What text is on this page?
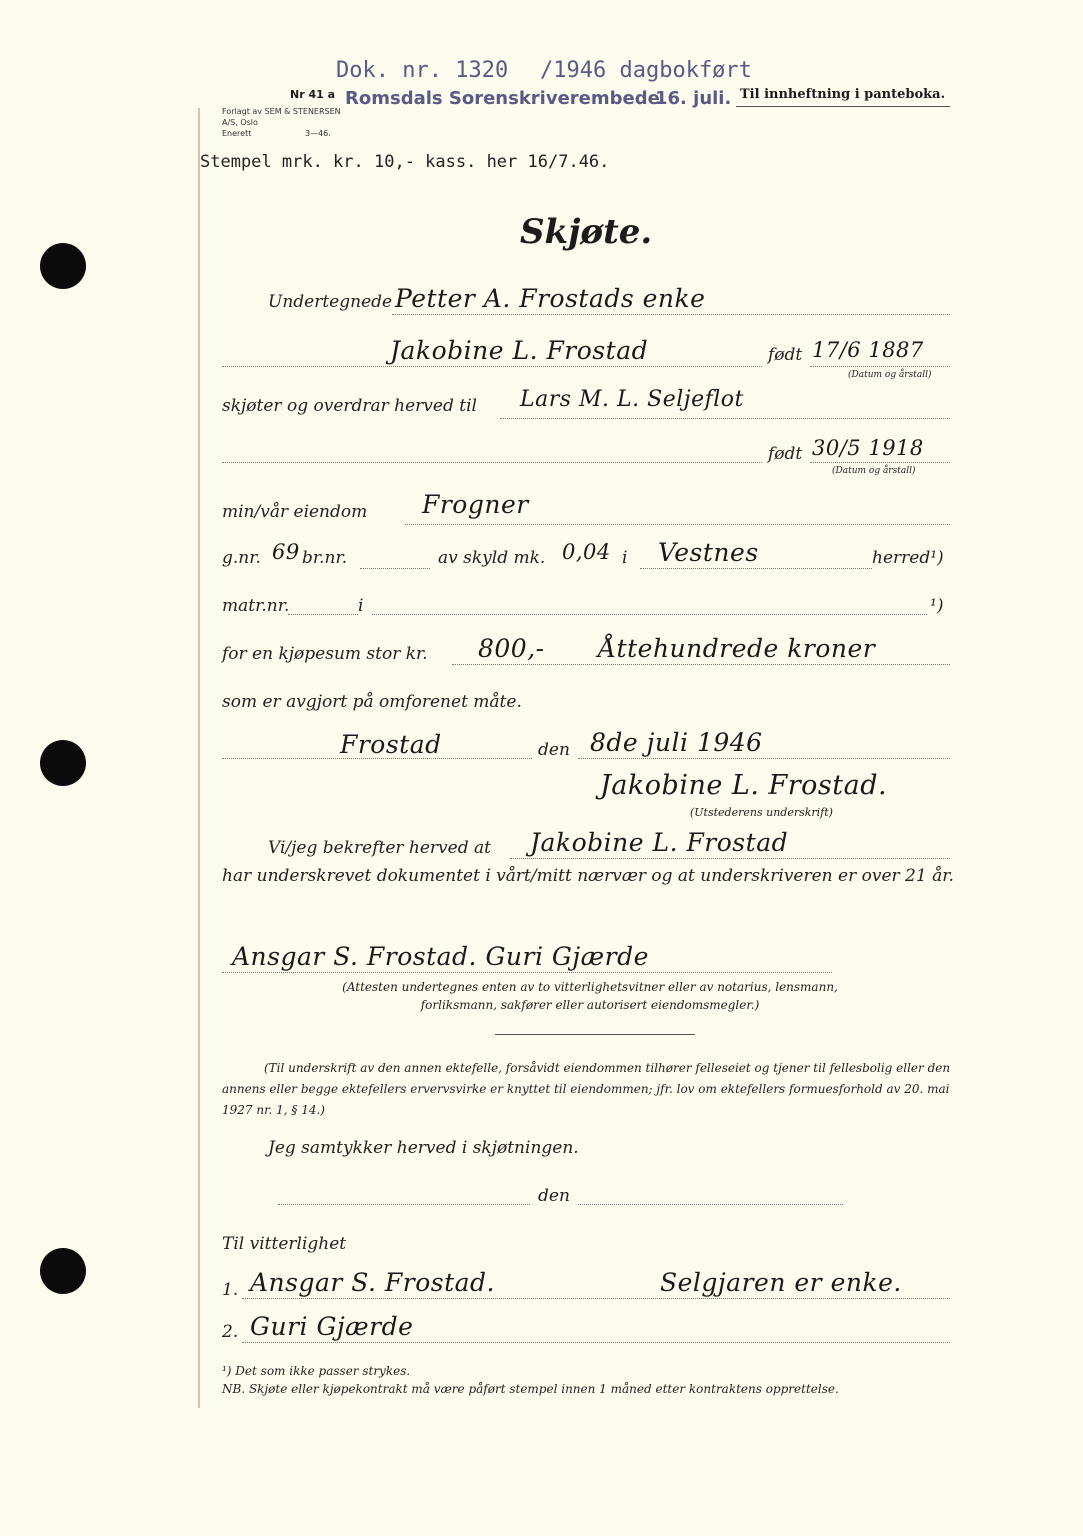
Dok. nr. 1320 /1946 dagbokført
Nr 41 a
Forlagt av SEM & STENERSEN A/S, Oslo
Enerett	3—46.
Romsdals Sorenskriverembede
16. juli. Til innheftning i panteboka.
Stempel mrk. kr. 10,- kass. her 16/7.46.
Skjøte.
Undertegnede Petter A. Frostads enke
Jakobine L. Frostad	født 17/6 1887
(Datum og årstall)
skjøter og overdrar herved til Lars M. L. Seljeflot
født 30/5 1918
(Datum og årstall)
min/vår eiendom Frogner
g.nr. 69 br.nr.	av skyld mk. 0,04 i Vestnes	herred¹)
matr.nr.	i	¹)
for en kjøpesum stor kr. 800,- Åttehundrede kroner
som er avgjort på omforenet måte.
Frostad	den 8de juli 1946
Jakobine L. Frostad.
(Utstederens underskrift)
Vi/jeg bekrefter herved at Jakobine L. Frostad
har underskrevet dokumentet i vårt/mitt nærvær og at underskriveren er over 21 år.
Ansgar S. Frostad. Guri Gjærde
(Attesten undertegnes enten av to vitterlighetsvitner eller av notarius, lensmann, forliksmann, sakfører eller autorisert eiendomsmegler.)
(Til underskrift av den annen ektefelle, forsåvidt eiendommen tilhører felleseiet og tjener til fellesbolig eller den annens eller begge ektefellers ervervsvirke er knyttet til eiendommen; jfr. lov om ektefellers formuesforhold av 20. mai 1927 nr. 1, § 14.)
Jeg samtykker herved i skjøtningen.
den
Til vitterlighet
1. Ansgar S. Frostad.	Selgjaren er enke.
2. Guri Gjærde
¹) Det som ikke passer strykes.
NB. Skjøte eller kjøpekontrakt må være påført stempel innen 1 måned etter kontraktens opprettelse.
